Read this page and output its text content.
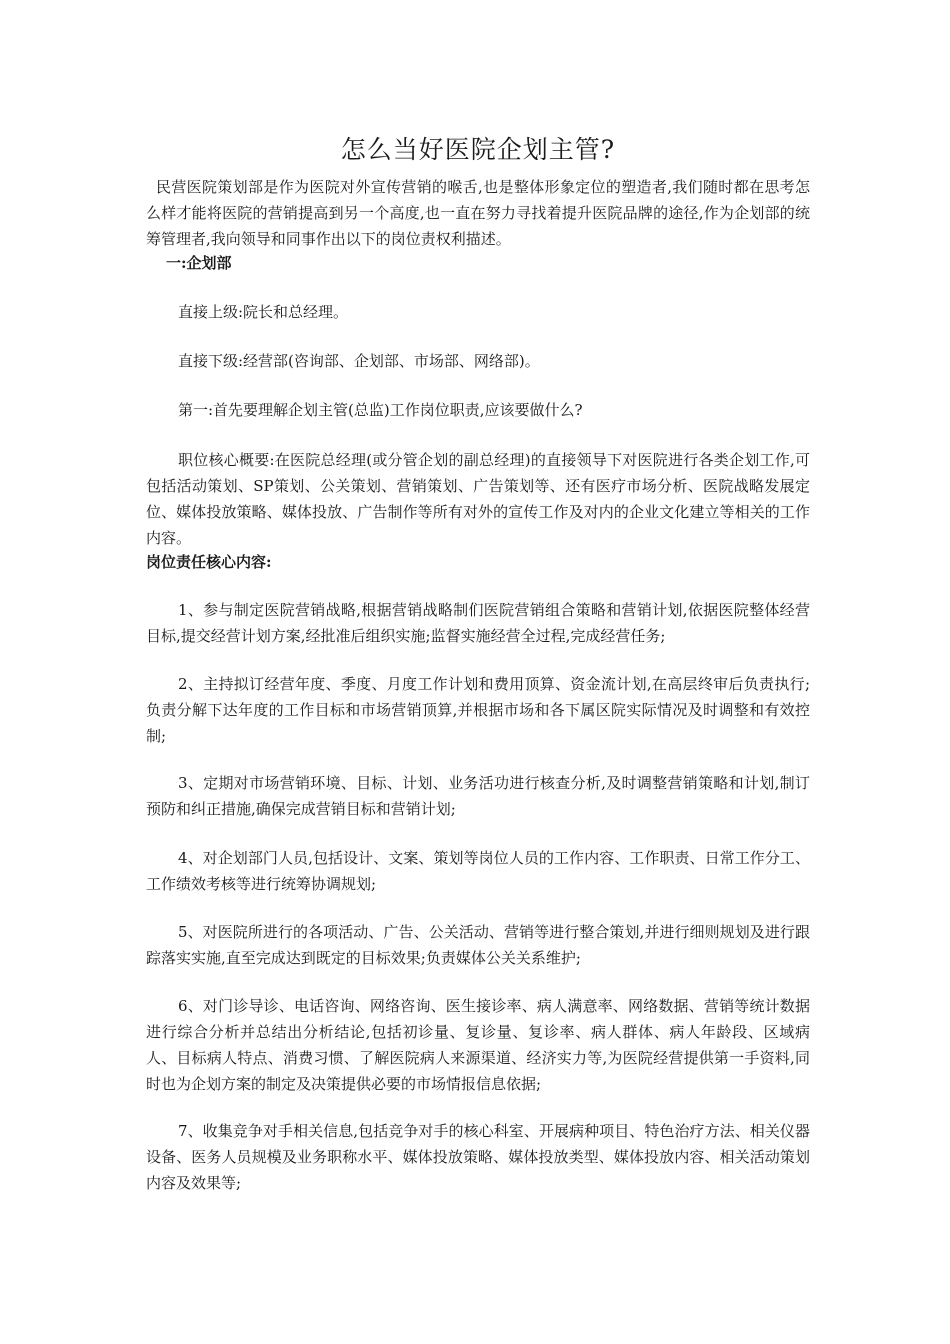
怎么当好医院企划主管?

民营医院策划部是作为医院对外宣传营销的喉舌,也是整体形象定位的塑造者,我们随时都在思考怎么样才能将医院的营销提高到另一个高度,也一直在努力寻找着提升医院品牌的途径,作为企划部的统筹管理者,我向领导和同事作出以下的岗位责权利描述。

一:企划部

直接上级:院长和总经理。

直接下级:经营部(咨询部、企划部、市场部、网络部)。

第一:首先要理解企划主管(总监)工作岗位职责,应该要做什么?

职位核心概要:在医院总经理(或分管企划的副总经理)的直接领导下对医院进行各类企划工作,可包括活动策划、SP策划、公关策划、营销策划、广告策划等、还有医疗市场分析、医院战略发展定位、媒体投放策略、媒体投放、广告制作等所有对外的宣传工作及对内的企业文化建立等相关的工作内容。

岗位责任核心内容:

1、参与制定医院营销战略,根据营销战略制们医院营销组合策略和营销计划,依据医院整体经营目标,提交经营计划方案,经批准后组织实施;监督实施经营全过程,完成经营任务;

2、主持拟订经营年度、季度、月度工作计划和费用顶算、资金流计划,在高层终审后负责执行;负责分解下达年度的工作目标和市场营销顶算,并根据市场和各下属区院实际情况及时调整和有效控制;

3、定期对市场营销环境、目标、计划、业务活功进行核查分析,及时调整营销策略和计划,制订预防和纠正措施,确保完成营销目标和营销计划;

4、对企划部门人员,包括设计、文案、策划等岗位人员的工作内容、工作职责、日常工作分工、工作绩效考核等进行统筹协调规划;

5、对医院所进行的各项活动、广告、公关活动、营销等进行整合策划,并进行细则规划及进行跟踪落实实施,直至完成达到既定的目标效果;负责媒体公关关系维护;

6、对门诊导诊、电话咨询、网络咨询、医生接诊率、病人满意率、网络数据、营销等统计数据进行综合分析并总结出分析结论,包括初诊量、复诊量、复诊率、病人群体、病人年龄段、区域病人、目标病人特点、消费习惯、了解医院病人来源渠道、经济实力等,为医院经营提供第一手资料,同时也为企划方案的制定及决策提供必要的市场情报信息依据;

7、收集竞争对手相关信息,包括竞争对手的核心科室、开展病种项目、特色治疗方法、相关仪器设备、医务人员规模及业务职称水平、媒体投放策略、媒体投放类型、媒体投放内容、相关活动策划内容及效果等;
